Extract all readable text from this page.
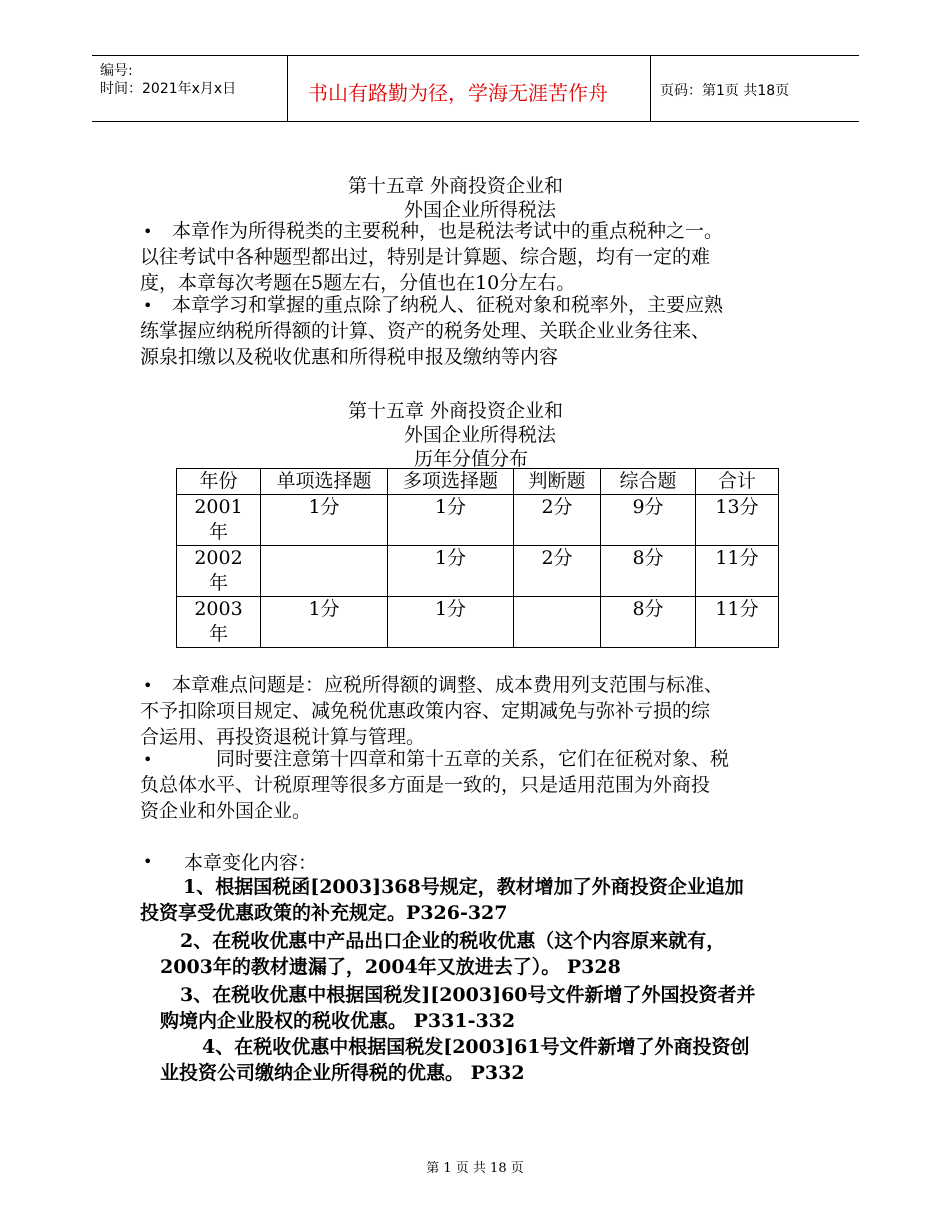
编号:
时间：2021年x月x日	书山有路勤为径，学海无涯苦作舟	页码：第1页 共18页
第十五章 外商投资企业和
外国企业所得税法
•	本章作为所得税类的主要税种，也是税法考试中的重点税种之一。
以往考试中各种题型都出过，特别是计算题、综合题，均有一定的难
度，本章每次考题在5题左右，分值也在10分左右。
•	本章学习和掌握的重点除了纳税人、征税对象和税率外，主要应熟
练掌握应纳税所得额的计算、资产的税务处理、关联企业业务往来、
源泉扣缴以及税收优惠和所得税申报及缴纳等内容
第十五章 外商投资企业和
外国企业所得税法
历年分值分布
年份	单项选择题	多项选择题	判断题	综合题	合计
2001
年	1分	1分	2分	9分	13分
2002
年		1分	2分	8分	11分
2003
年	1分	1分		8分	11分
•	本章难点问题是：应税所得额的调整、成本费用列支范围与标准、
不予扣除项目规定、减免税优惠政策内容、定期减免与弥补亏损的综
合运用、再投资退税计算与管理。
•	同时要注意第十四章和第十五章的关系，它们在征税对象、税
负总体水平、计税原理等很多方面是一致的，只是适用范围为外商投
资企业和外国企业。
• 本章变化内容：
1、根据国税函[2003]368号规定，教材增加了外商投资企业追加
投资享受优惠政策的补充规定。P326-327
2、在税收优惠中产品出口企业的税收优惠（这个内容原来就有，
2003年的教材遗漏了，2004年又放进去了）。 P328
3、在税收优惠中根据国税发][2003]60号文件新增了外国投资者并
购境内企业股权的税收优惠。 P331-332
4、在税收优惠中根据国税发[2003]61号文件新增了外商投资创
业投资公司缴纳企业所得税的优惠。 P332
第 1 页 共 18 页
